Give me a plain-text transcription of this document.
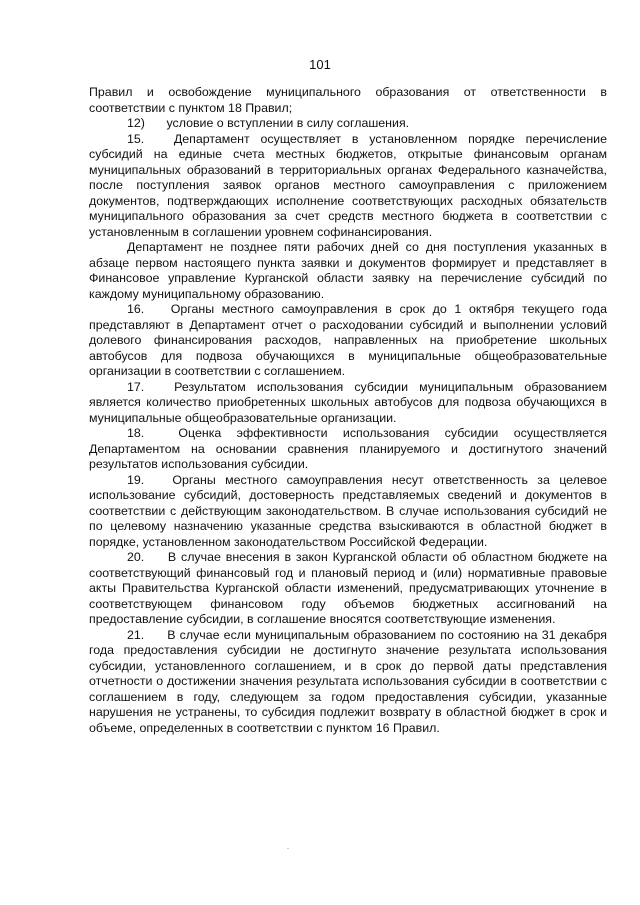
101

Правил и освобождение муниципального образования от ответственности в соответствии с пунктом 18 Правил;

12) условие о вступлении в силу соглашения.

15. Департамент осуществляет в установленном порядке перечисление субсидий на единые счета местных бюджетов, открытые финансовым органам муниципальных образований в территориальных органах Федерального казначейства, после поступления заявок органов местного самоуправления с приложением документов, подтверждающих исполнение соответствующих расходных обязательств муниципального образования за счет средств местного бюджета в соответствии с установленным в соглашении уровнем софинансирования.

Департамент не позднее пяти рабочих дней со дня поступления указанных в абзаце первом настоящего пункта заявки и документов формирует и представляет в Финансовое управление Курганской области заявку на перечисление субсидий по каждому муниципальному образованию.

16. Органы местного самоуправления в срок до 1 октября текущего года представляют в Департамент отчет о расходовании субсидий и выполнении условий долевого финансирования расходов, направленных на приобретение школьных автобусов для подвоза обучающихся в муниципальные общеобразовательные организации в соответствии с соглашением.

17. Результатом использования субсидии муниципальным образованием является количество приобретенных школьных автобусов для подвоза обучающихся в муниципальные общеобразовательные организации.

18.	Оценка эффективности использования субсидии осуществляется Департаментом на основании сравнения планируемого и достигнутого значений результатов использования субсидии.

19. Органы местного самоуправления несут ответственность за целевое использование субсидий, достоверность представляемых сведений и документов в соответствии с действующим законодательством. В случае использования субсидий не по целевому назначению указанные средства взыскиваются в областной бюджет в порядке, установленном законодательством Российской Федерации.

20. В случае внесения в закон Курганской области об областном бюджете на соответствующий финансовый год и плановый период и (или) нормативные правовые акты Правительства Курганской области изменений, предусматривающих уточнение в соответствующем финансовом году объемов бюджетных ассигнований на предоставление субсидии, в соглашение вносятся соответствующие изменения.

21. В случае если муниципальным образованием по состоянию на 31 декабря года предоставления субсидии не достигнуто значение результата использования субсидии, установленного соглашением, и в срок до первой даты представления отчетности о достижении значения результата использования субсидии в соответствии с соглашением в году, следующем за годом предоставления субсидии, указанные нарушения не устранены, то субсидия подлежит возврату в областной бюджет в срок и объеме, определенных в соответствии с пунктом 16 Правил.
